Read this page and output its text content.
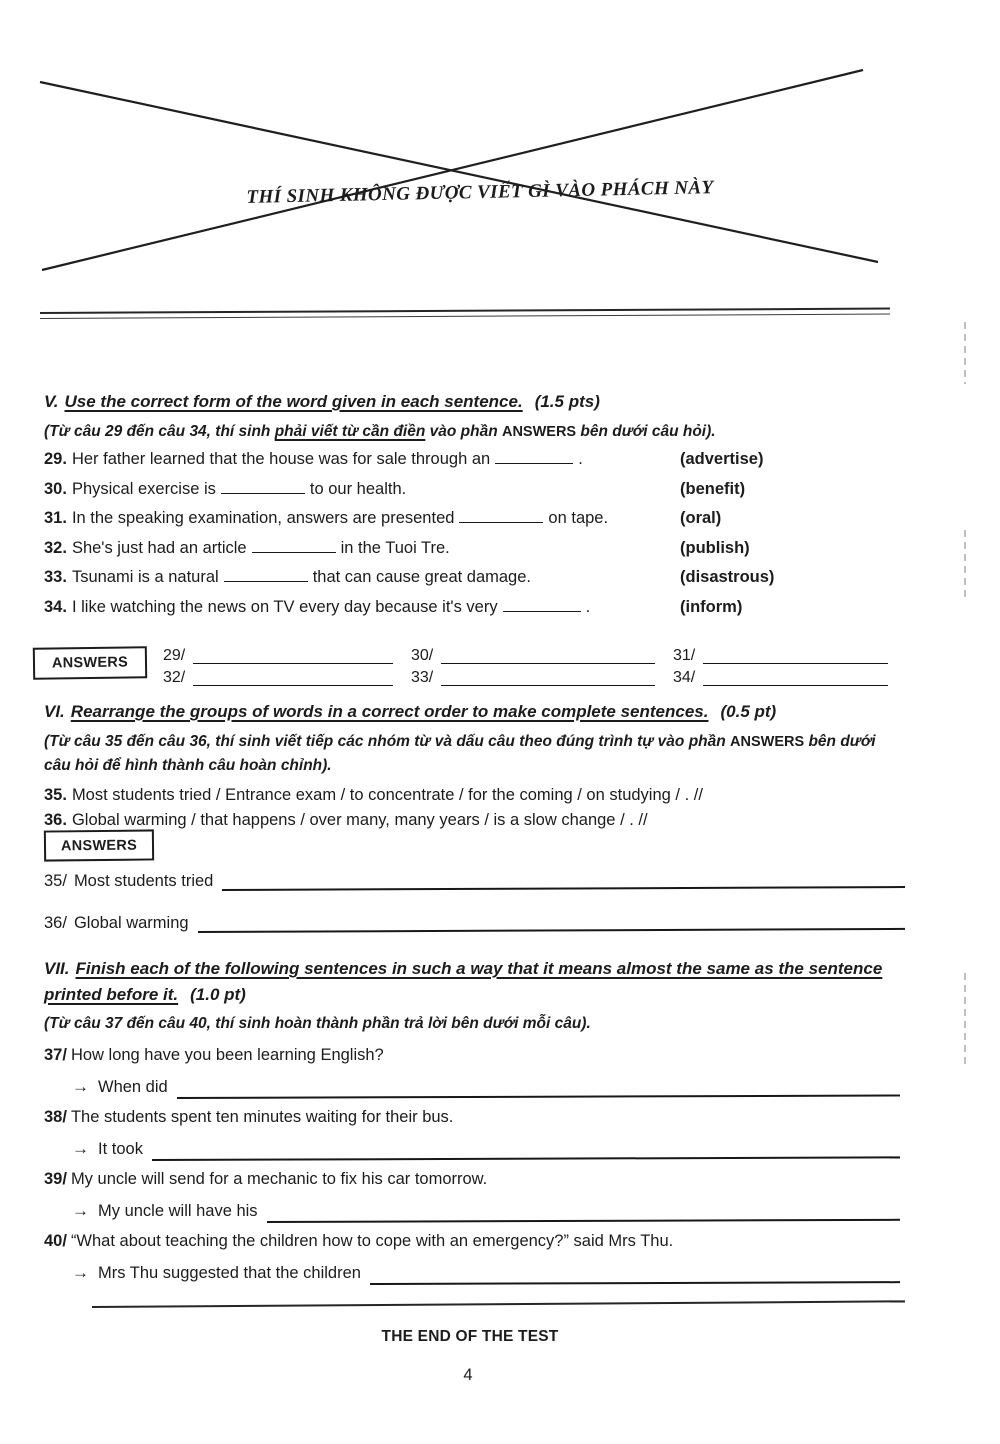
THÍ SINH KHÔNG ĐƯỢC VIẾT GÌ VÀO PHÁCH NÀY
V. Use the correct form of the word given in each sentence. (1.5 pts)
(Từ câu 29 đến câu 34, thí sinh phải viết từ cần điền vào phần ANSWERS bên dưới câu hỏi).
29. Her father learned that the house was for sale through an	.	(advertise)
30. Physical exercise is	to our health.	(benefit)
31. In the speaking examination, answers are presented	on tape.	(oral)
32. She's just had an article	in the Tuoi Tre.	(publish)
33. Tsunami is a natural	that can cause great damage.	(disastrous)
34. I like watching the news on TV every day because it's very	.	(inform)
ANSWERS	29/	30/	31/
32/	33/	34/
VI. Rearrange the groups of words in a correct order to make complete sentences. (0.5 pt)
(Từ câu 35 đến câu 36, thí sinh viết tiếp các nhóm từ và dấu câu theo đúng trình tự vào phần ANSWERS bên dưới câu hỏi để hình thành câu hoàn chỉnh).
35. Most students tried / Entrance exam / to concentrate / for the coming / on studying / . //
36. Global warming / that happens / over many, many years / is a slow change / . //
ANSWERS
35/ Most students tried
36/ Global warming
VII. Finish each of the following sentences in such a way that it means almost the same as the sentence printed before it. (1.0 pt)
(Từ câu 37 đến câu 40, thí sinh hoàn thành phần trả lời bên dưới mỗi câu).
37/ How long have you been learning English?
→ When did
38/ The students spent ten minutes waiting for their bus.
→ It took
39/ My uncle will send for a mechanic to fix his car tomorrow.
→ My uncle will have his
40/ “What about teaching the children how to cope with an emergency?” said Mrs Thu.
→ Mrs Thu suggested that the children
THE END OF THE TEST
4
